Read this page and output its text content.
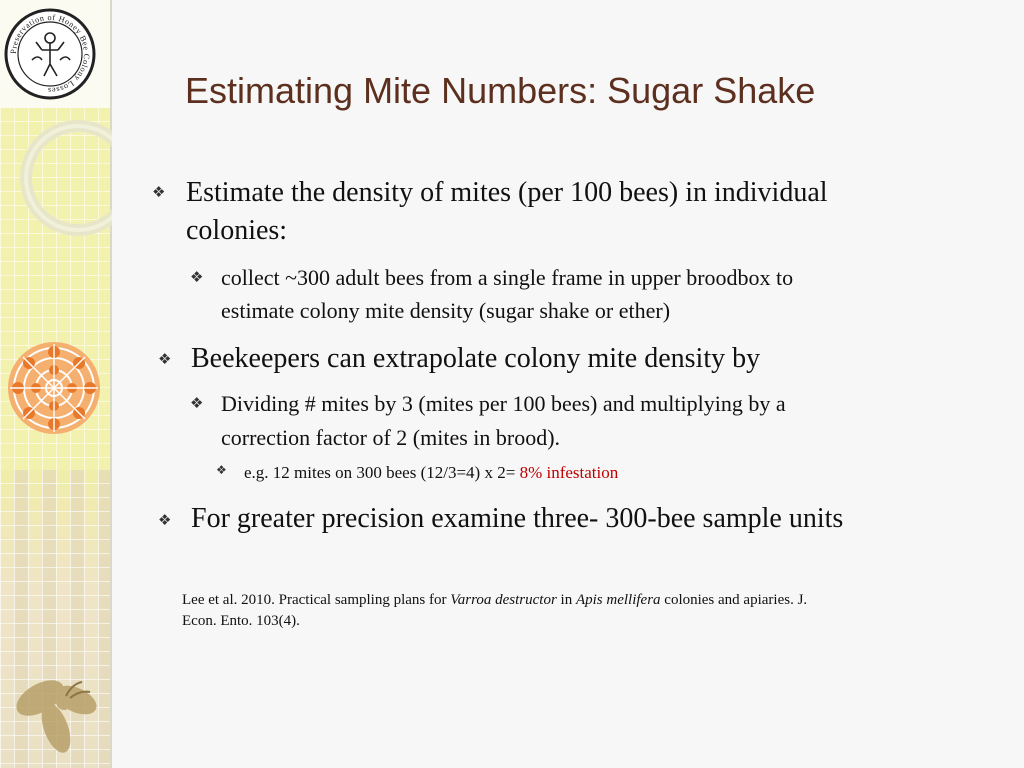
Preservation of Honey Bee Colony Losses	Estimating Mite Numbers: Sugar Shake
❖ Estimate the density of mites (per 100 bees) in individual
colonies:
❖ collect ~300 adult bees from a single frame in upper broodbox to
estimate colony mite density (sugar shake or ether)
❖ Beekeepers can extrapolate colony mite density by
❖ Dividing # mites by 3 (mites per 100 bees) and multiplying by a
correction factor of 2 (mites in brood).
❖ e.g. 12 mites on 300 bees (12/3=4) x 2= 8% infestation
❖ For greater precision examine three- 300-bee sample units
Lee et al. 2010. Practical sampling plans for Varroa destructor in Apis mellifera colonies and apiaries. J.
Econ. Ento. 103(4).
